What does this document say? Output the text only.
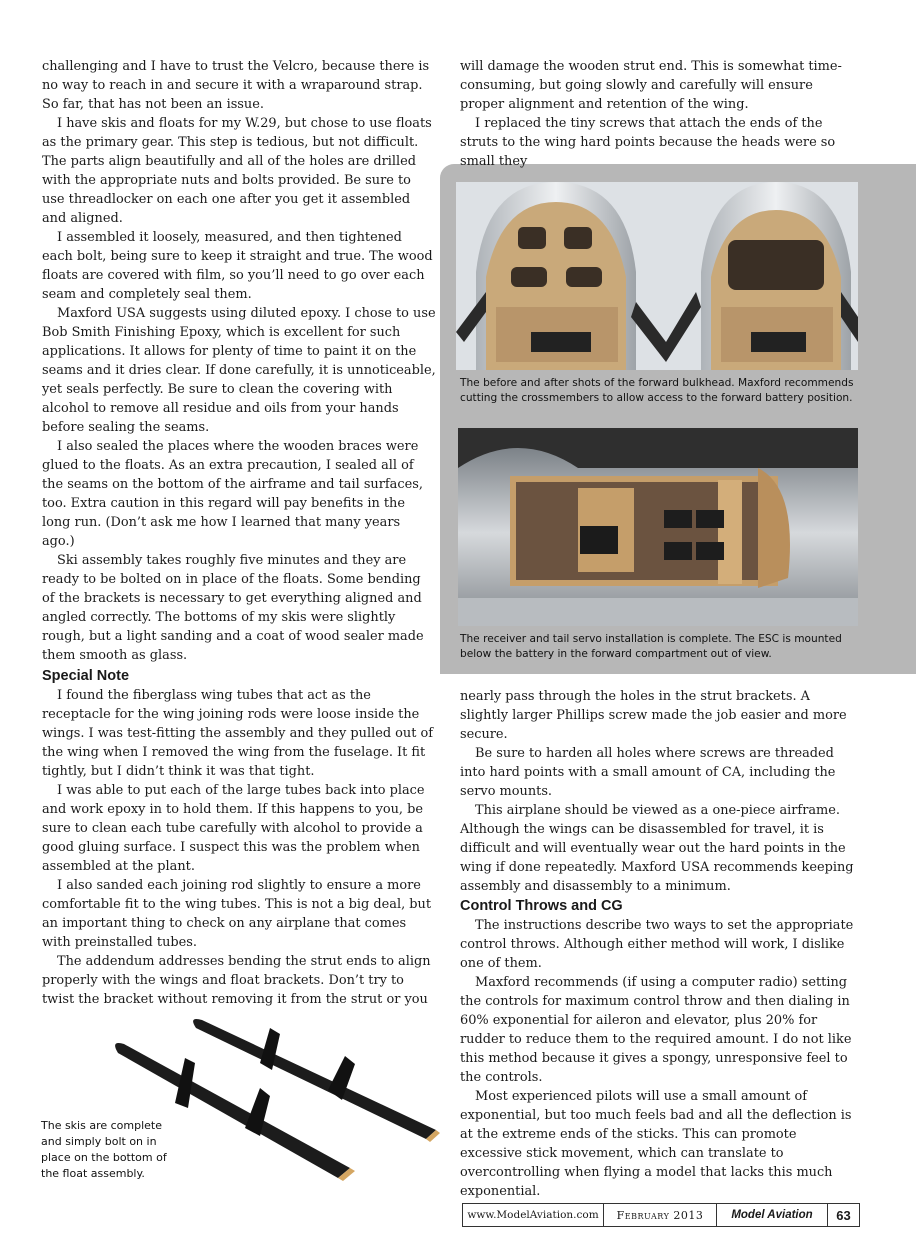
challenging and I have to trust the Velcro, because there is no way to reach in and secure it with a wraparound strap. So far, that has not been an issue.

I have skis and floats for my W.29, but chose to use floats as the primary gear. This step is tedious, but not difficult. The parts align beautifully and all of the holes are drilled with the appropriate nuts and bolts provided. Be sure to use threadlocker on each one after you get it assembled and aligned.

I assembled it loosely, measured, and then tightened each bolt, being sure to keep it straight and true. The wood floats are covered with film, so you’ll need to go over each seam and completely seal them.

Maxford USA suggests using diluted epoxy. I chose to use Bob Smith Finishing Epoxy, which is excellent for such applications. It allows for plenty of time to paint it on the seams and it dries clear. If done carefully, it is unnoticeable, yet seals perfectly. Be sure to clean the covering with alcohol to remove all residue and oils from your hands before sealing the seams.

I also sealed the places where the wooden braces were glued to the floats. As an extra precaution, I sealed all of the seams on the bottom of the airframe and tail surfaces, too. Extra caution in this regard will pay benefits in the long run. (Don’t ask me how I learned that many years ago.)

Ski assembly takes roughly five minutes and they are ready to be bolted on in place of the floats. Some bending of the brackets is necessary to get everything aligned and angled correctly. The bottoms of my skis were slightly rough, but a light sanding and a coat of wood sealer made them smooth as glass.

Special Note

I found the fiberglass wing tubes that act as the receptacle for the wing joining rods were loose inside the wings. I was test-fitting the assembly and they pulled out of the wing when I removed the wing from the fuselage. It fit tightly, but I didn’t think it was that tight.

I was able to put each of the large tubes back into place and work epoxy in to hold them. If this happens to you, be sure to clean each tube carefully with alcohol to provide a good gluing surface. I suspect this was the problem when assembled at the plant.

I also sanded each joining rod slightly to ensure a more comfortable fit to the wing tubes. This is not a big deal, but an important thing to check on any airplane that comes with preinstalled tubes.

The addendum addresses bending the strut ends to align properly with the wings and float brackets. Don’t try to twist the bracket without removing it from the strut or you

will damage the wooden strut end. This is somewhat time-consuming, but going slowly and carefully will ensure proper alignment and retention of the wing.

I replaced the tiny screws that attach the ends of the struts to the wing hard points because the heads were so small they

The before and after shots of the forward bulkhead. Maxford recommends cutting the crossmembers to allow access to the forward battery position.
The receiver and tail servo installation is complete. The ESC is mounted below the battery in the forward compartment out of view.

nearly pass through the holes in the strut brackets. A slightly larger Phillips screw made the job easier and more secure.

Be sure to harden all holes where screws are threaded into hard points with a small amount of CA, including the servo mounts.

This airplane should be viewed as a one-piece airframe. Although the wings can be disassembled for travel, it is difficult and will eventually wear out the hard points in the wing if done repeatedly. Maxford USA recommends keeping assembly and disassembly to a minimum.

Control Throws and CG

The instructions describe two ways to set the appropriate control throws. Although either method will work, I dislike one of them.

Maxford recommends (if using a computer radio) setting the controls for maximum control throw and then dialing in 60% exponential for aileron and elevator, plus 20% for rudder to reduce them to the required amount. I do not like this method because it gives a spongy, unresponsive feel to the controls.

Most experienced pilots will use a small amount of exponential, but too much feels bad and all the deflection is at the extreme ends of the sticks. This can promote excessive stick movement, which can translate to overcontrolling when flying a model that lacks this much exponential.

The skis are complete and simply bolt on in place on the bottom of the float assembly.
www.ModelAviation.com	February 2013	Model Aviation	63
